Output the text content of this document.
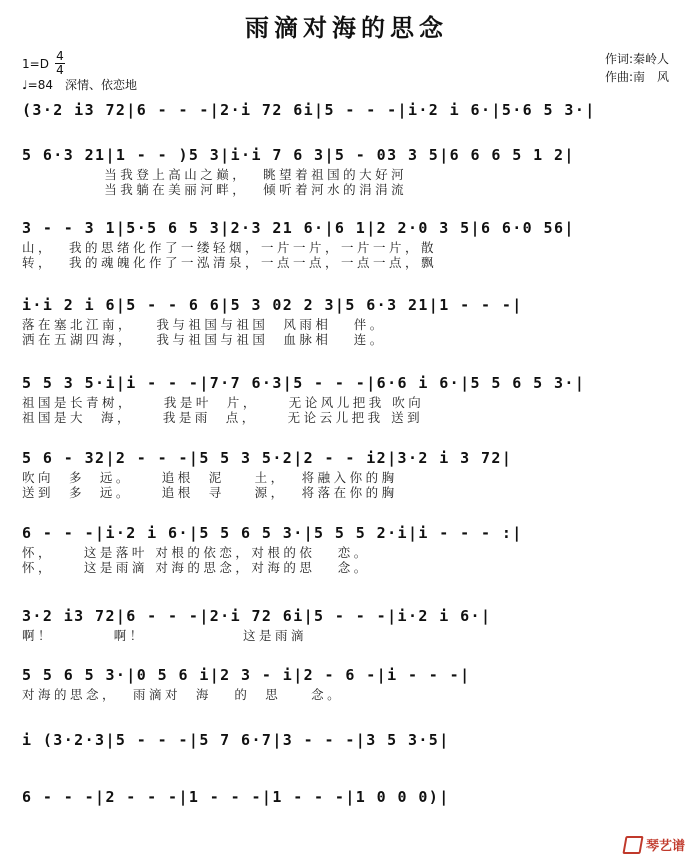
雨滴对海的思念
1=D
4
4
♩=84 深情、依恋地
作词:秦岭人
作曲:南　风
(3·2 i3 72|6 - - -|2·i 72 6i|5 - - -|i·2 i 6·|5·6 5 3·|
5 6·3 21|1 - - )5 3|i·i 7 6 3|5 - 03 3 5|6 6 6 5 1 2|
当我登上高山之巅，  眺望着祖国的大好河
当我躺在美丽河畔，  倾听着河水的涓涓流
3 - - 3 1|5·5 6 5 3|2·3 21 6·|6 1|2 2·0 3 5|6 6·0 56|
山，  我的思绪化作了一缕轻烟，一片一片，一片一片，散
转，  我的魂魄化作了一泓清泉，一点一点，一点一点，飘
i·i 2 i 6|5 - - 6 6|5 3 02 2 3|5 6·3 21|1 - - -|
落在塞北江南，   我与祖国与祖国  风雨相   伴。
洒在五湖四海，   我与祖国与祖国  血脉相   连。
5 5 3 5·i|i - - -|7·7 6·3|5 - - -|6·6 i 6·|5 5 6 5 3·|
祖国是长青树，    我是叶  片，    无论风儿把我 吹向
祖国是大  海，    我是雨  点，    无论云儿把我 送到
5 6 - 32|2 - - -|5 5 3 5·2|2 - - i2|3·2 i 3 72|
吹向  多  远。    追根  泥    土，  将融入你的胸
送到  多  远。    追根  寻    源，  将落在你的胸
6 - - -|i·2 i 6·|5 5 6 5 3·|5 5 5 2·i|i - - - :|
怀，    这是落叶 对根的依恋，对根的依   恋。
怀，    这是雨滴 对海的思念，对海的思   念。
3·2 i3 72|6 - - -|2·i 72 6i|5 - - -|i·2 i 6·|
啊！        啊！             这是雨滴
5 5 6 5 3·|0 5 6 i|2 3 - i|2 - 6 -|i - - -|
对海的思念，  雨滴对  海   的  思    念。
i (3·2·3|5 - - -|5 7 6·7|3 - - -|3 5 3·5|
6 - - -|2 - - -|1 - - -|1 - - -|1 0 0 0)|
琴艺谱
